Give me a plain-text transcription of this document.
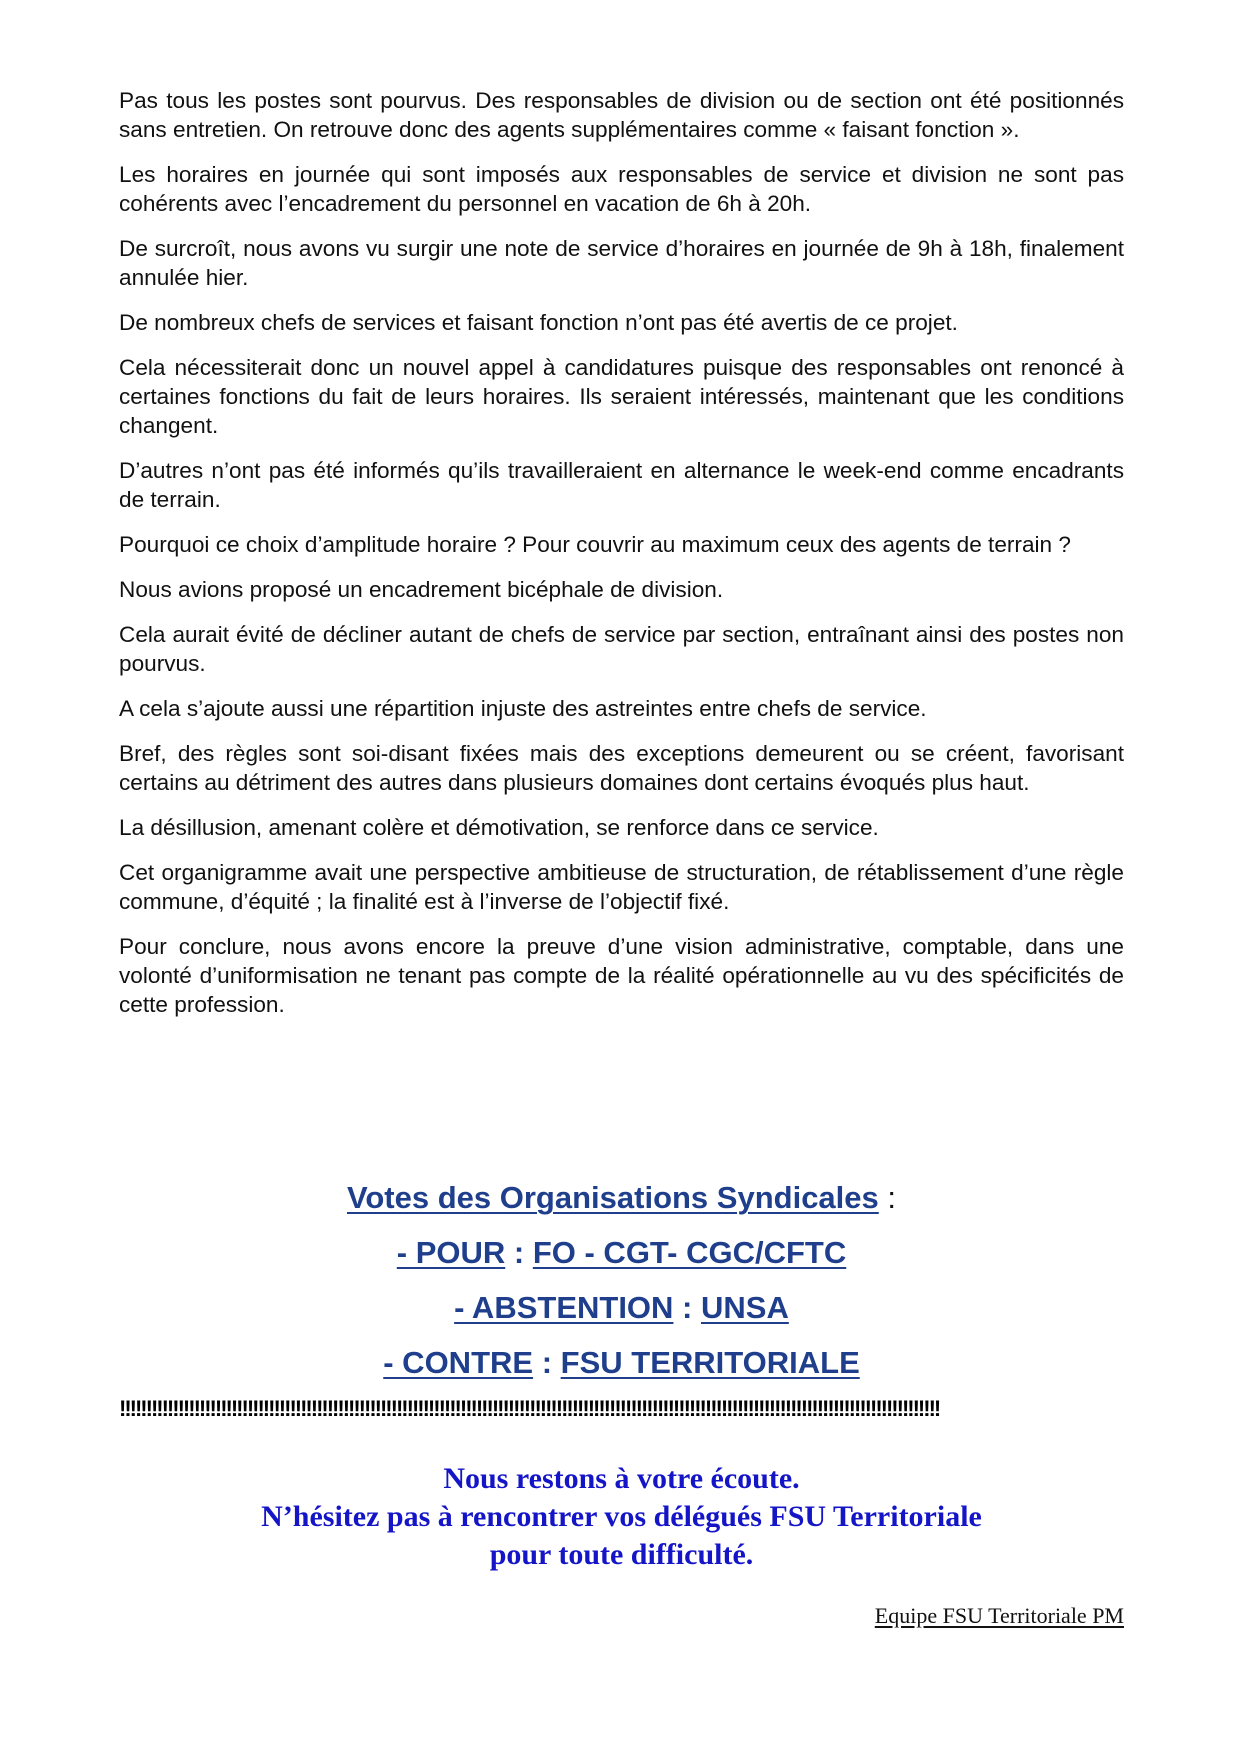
Pas tous les postes sont pourvus. Des responsables de division ou de section ont été positionnés sans entretien. On retrouve donc des agents supplémentaires comme « faisant fonction ».

Les horaires en journée qui sont imposés aux responsables de service et division ne sont pas cohérents avec l’encadrement du personnel en vacation de 6h à 20h.

De surcroît, nous avons vu surgir une note de service d’horaires en journée de 9h à 18h, finalement annulée hier.

De nombreux chefs de services et faisant fonction n’ont pas été avertis de ce projet.

Cela nécessiterait donc un nouvel appel à candidatures puisque des responsables ont renoncé à certaines fonctions du fait de leurs horaires. Ils seraient intéressés, maintenant que les conditions changent.

D’autres n’ont pas été informés qu’ils travailleraient en alternance le week-end comme encadrants de terrain.

Pourquoi ce choix d’amplitude horaire ? Pour couvrir au maximum ceux des agents de terrain ?

Nous avions proposé un encadrement bicéphale de division.

Cela aurait évité de décliner autant de chefs de service par section, entraînant ainsi des postes non pourvus.

A cela s’ajoute aussi une répartition injuste des astreintes entre chefs de service.

Bref, des règles sont soi-disant fixées mais des exceptions demeurent ou se créent, favorisant certains au détriment des autres dans plusieurs domaines dont certains évoqués plus haut.

La désillusion, amenant colère et démotivation, se renforce dans ce service.

Cet organigramme avait une perspective ambitieuse de structuration, de rétablissement d’une règle commune, d’équité ; la finalité est à l’inverse de l’objectif fixé.

Pour conclure, nous avons encore la preuve d’une vision administrative, comptable, dans une volonté d’uniformisation ne tenant pas compte de la réalité opérationnelle au vu des spécificités de cette profession.

Votes des Organisations Syndicales :
- POUR : FO - CGT- CGC/CFTC
- ABSTENTION : UNSA
- CONTRE : FSU TERRITORIALE
!!!!!!!!!!!!!!!!!!!!!!!!!!!!!!!!!!!!!!!!!!!!!!!!!!!!!!!!!!!!!!!!!!!!!!!!!!!!!!!!!!!!!!!!!!!!!!!!!!!!!!!!!!!!!!!!!!!!!!!!!!!!!!!!!!!!!!!!!!!!!!!!!!!!!!!!!!
Nous restons à votre écoute.
N’hésitez pas à rencontrer vos délégués FSU Territoriale
pour toute difficulté.
Equipe FSU Territoriale PM
